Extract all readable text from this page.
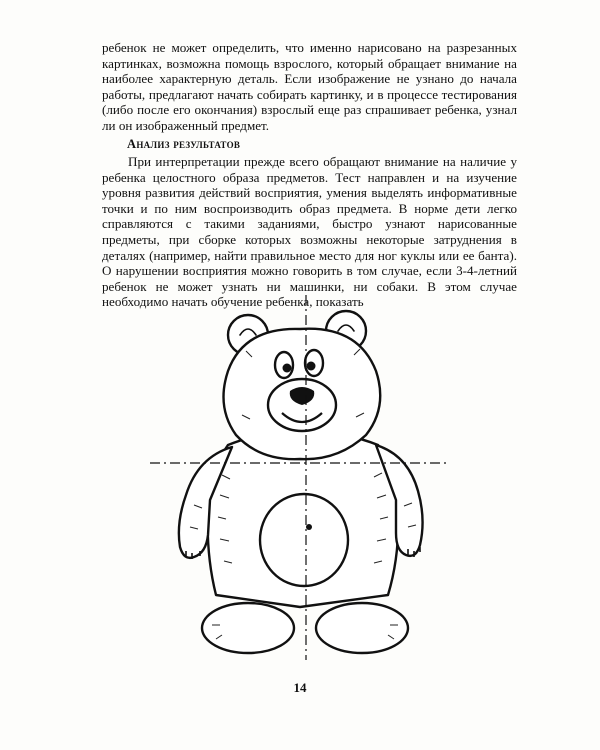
ребенок не может определить, что именно нарисовано на разрезанных картинках, возможна помощь взрослого, который обращает внимание на наиболее характерную деталь. Если изображение не узнано до начала работы, предлагают начать собирать картинку, и в процессе тестирования (либо после его окончания) взрослый еще раз спрашивает ребенка, узнал ли он изображенный предмет.

Анализ результатов

При интерпретации прежде всего обращают внимание на наличие у ребенка целостного образа предметов. Тест направлен и на изучение уровня развития действий восприятия, умения выделять информативные точки и по ним воспроизводить образ предмета. В норме дети легко справляются с такими заданиями, быстро узнают нарисованные предметы, при сборке которых возможны некоторые затруднения в деталях (например, найти правильное место для ног куклы или ее банта). О нарушении восприятия можно говорить в том случае, если 3-4-летний ребенок не может узнать ни машинки, ни собаки. В этом случае необходимо начать обучение ребенка, показать

14
